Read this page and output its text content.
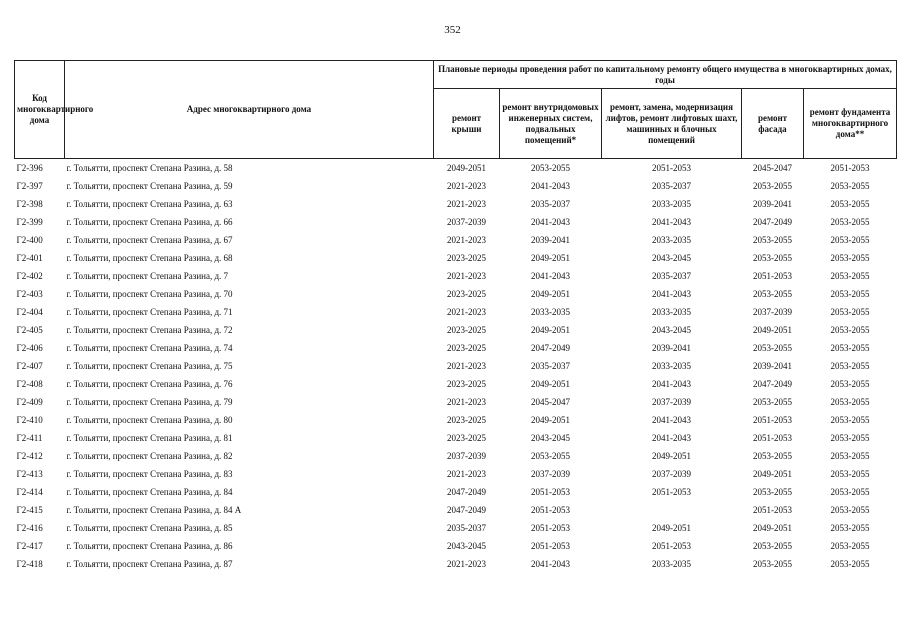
352
Код многоквартирного дома	Адрес многоквартирного дома	Плановые периоды проведения работ по капитальному ремонту общего имущества в многоквартирных домах, годы				
		ремонт крыши	ремонт внутридомовых инженерных систем, подвальных помещений*	ремонт, замена, модернизация лифтов, ремонт лифтовых шахт, машинных и блочных помещений	ремонт фасада	ремонт фундамента многоквартирного дома**
Г2-396	г. Тольятти, проспект Степана Разина, д. 58	2049-2051	2053-2055	2051-2053	2045-2047	2051-2053
Г2-397	г. Тольятти, проспект Степана Разина, д. 59	2021-2023	2041-2043	2035-2037	2053-2055	2053-2055
Г2-398	г. Тольятти, проспект Степана Разина, д. 63	2021-2023	2035-2037	2033-2035	2039-2041	2053-2055
Г2-399	г. Тольятти, проспект Степана Разина, д. 66	2037-2039	2041-2043	2041-2043	2047-2049	2053-2055
Г2-400	г. Тольятти, проспект Степана Разина, д. 67	2021-2023	2039-2041	2033-2035	2053-2055	2053-2055
Г2-401	г. Тольятти, проспект Степана Разина, д. 68	2023-2025	2049-2051	2043-2045	2053-2055	2053-2055
Г2-402	г. Тольятти, проспект Степана Разина, д. 7	2021-2023	2041-2043	2035-2037	2051-2053	2053-2055
Г2-403	г. Тольятти, проспект Степана Разина, д. 70	2023-2025	2049-2051	2041-2043	2053-2055	2053-2055
Г2-404	г. Тольятти, проспект Степана Разина, д. 71	2021-2023	2033-2035	2033-2035	2037-2039	2053-2055
Г2-405	г. Тольятти, проспект Степана Разина, д. 72	2023-2025	2049-2051	2043-2045	2049-2051	2053-2055
Г2-406	г. Тольятти, проспект Степана Разина, д. 74	2023-2025	2047-2049	2039-2041	2053-2055	2053-2055
Г2-407	г. Тольятти, проспект Степана Разина, д. 75	2021-2023	2035-2037	2033-2035	2039-2041	2053-2055
Г2-408	г. Тольятти, проспект Степана Разина, д. 76	2023-2025	2049-2051	2041-2043	2047-2049	2053-2055
Г2-409	г. Тольятти, проспект Степана Разина, д. 79	2021-2023	2045-2047	2037-2039	2053-2055	2053-2055
Г2-410	г. Тольятти, проспект Степана Разина, д. 80	2023-2025	2049-2051	2041-2043	2051-2053	2053-2055
Г2-411	г. Тольятти, проспект Степана Разина, д. 81	2023-2025	2043-2045	2041-2043	2051-2053	2053-2055
Г2-412	г. Тольятти, проспект Степана Разина, д. 82	2037-2039	2053-2055	2049-2051	2053-2055	2053-2055
Г2-413	г. Тольятти, проспект Степана Разина, д. 83	2021-2023	2037-2039	2037-2039	2049-2051	2053-2055
Г2-414	г. Тольятти, проспект Степана Разина, д. 84	2047-2049	2051-2053	2051-2053	2053-2055	2053-2055
Г2-415	г. Тольятти, проспект Степана Разина, д. 84 А	2047-2049	2051-2053		2051-2053	2053-2055
Г2-416	г. Тольятти, проспект Степана Разина, д. 85	2035-2037	2051-2053	2049-2051	2049-2051	2053-2055
Г2-417	г. Тольятти, проспект Степана Разина, д. 86	2043-2045	2051-2053	2051-2053	2053-2055	2053-2055
Г2-418	г. Тольятти, проспект Степана Разина, д. 87	2021-2023	2041-2043	2033-2035	2053-2055	2053-2055
